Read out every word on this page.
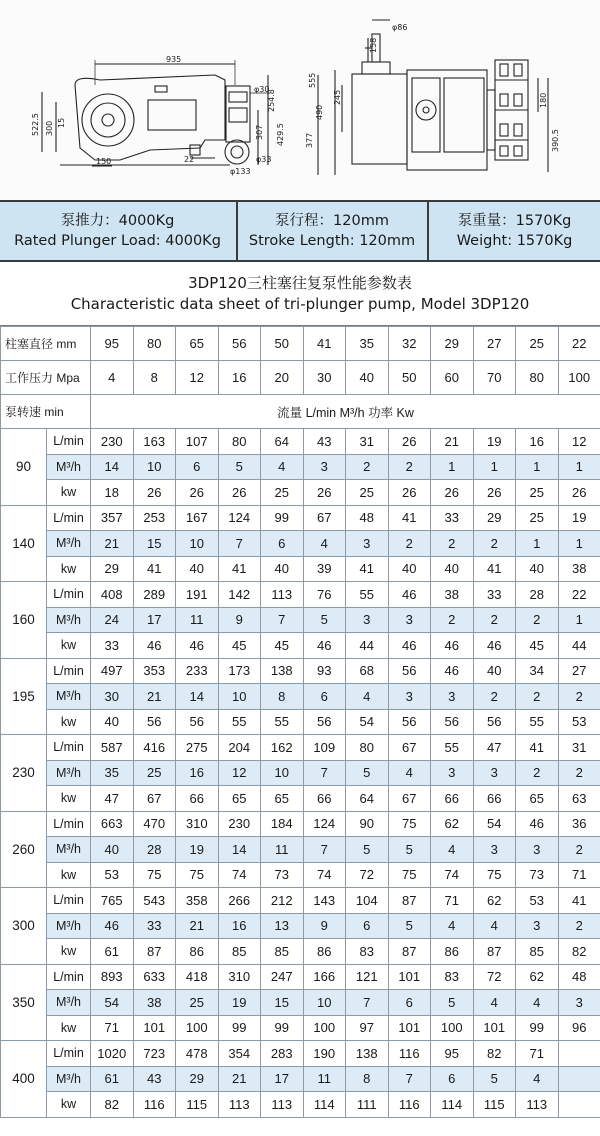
935
φ86
158
555
245
490
377
522.5 300 15
φ30
φ33
307
254.8
429.5
150	22
φ133
180
390.5
泵推力：4000Kg
Rated Plunger Load: 4000Kg
泵行程：120mm
Stroke Length: 120mm
泵重量：1570Kg
Weight: 1570Kg
3DP120三柱塞往复泵性能参数表
Characteristic data sheet of tri-plunger pump, Model 3DP120
柱塞直径 mm		95	80	65	56	50	41	35	32	29	27	25	22
工作压力 Mpa		4	8	12	16	20	30	40	50	60	70	80	100
泵转速 min		流量 L/min M³/h 功率 Kw											
90	L/min	230	163	107	80	64	43	31	26	21	19	16	12
	M³/h	14	10	6	5	4	3	2	2	1	1	1	1
	kw	18	26	26	26	25	26	25	26	26	26	25	26
140	L/min	357	253	167	124	99	67	48	41	33	29	25	19
	M³/h	21	15	10	7	6	4	3	2	2	2	1	1
	kw	29	41	40	41	40	39	41	40	40	41	40	38
160	L/min	408	289	191	142	113	76	55	46	38	33	28	22
	M³/h	24	17	11	9	7	5	3	3	2	2	2	1
	kw	33	46	46	45	45	46	44	46	46	46	45	44
195	L/min	497	353	233	173	138	93	68	56	46	40	34	27
	M³/h	30	21	14	10	8	6	4	3	3	2	2	2
	kw	40	56	56	55	55	56	54	56	56	56	55	53
230	L/min	587	416	275	204	162	109	80	67	55	47	41	31
	M³/h	35	25	16	12	10	7	5	4	3	3	2	2
	kw	47	67	66	65	65	66	64	67	66	66	65	63
260	L/min	663	470	310	230	184	124	90	75	62	54	46	36
	M³/h	40	28	19	14	11	7	5	5	4	3	3	2
	kw	53	75	75	74	73	74	72	75	74	75	73	71
300	L/min	765	543	358	266	212	143	104	87	71	62	53	41
	M³/h	46	33	21	16	13	9	6	5	4	4	3	2
	kw	61	87	86	85	85	86	83	87	86	87	85	82
350	L/min	893	633	418	310	247	166	121	101	83	72	62	48
	M³/h	54	38	25	19	15	10	7	6	5	4	4	3
	kw	71	101	100	99	99	100	97	101	100	101	99	96
400	L/min	1020	723	478	354	283	190	138	116	95	82	71	
	M³/h	61	43	29	21	17	11	8	7	6	5	4	
	kw	82	116	115	113	113	114	111	116	114	115	113	
